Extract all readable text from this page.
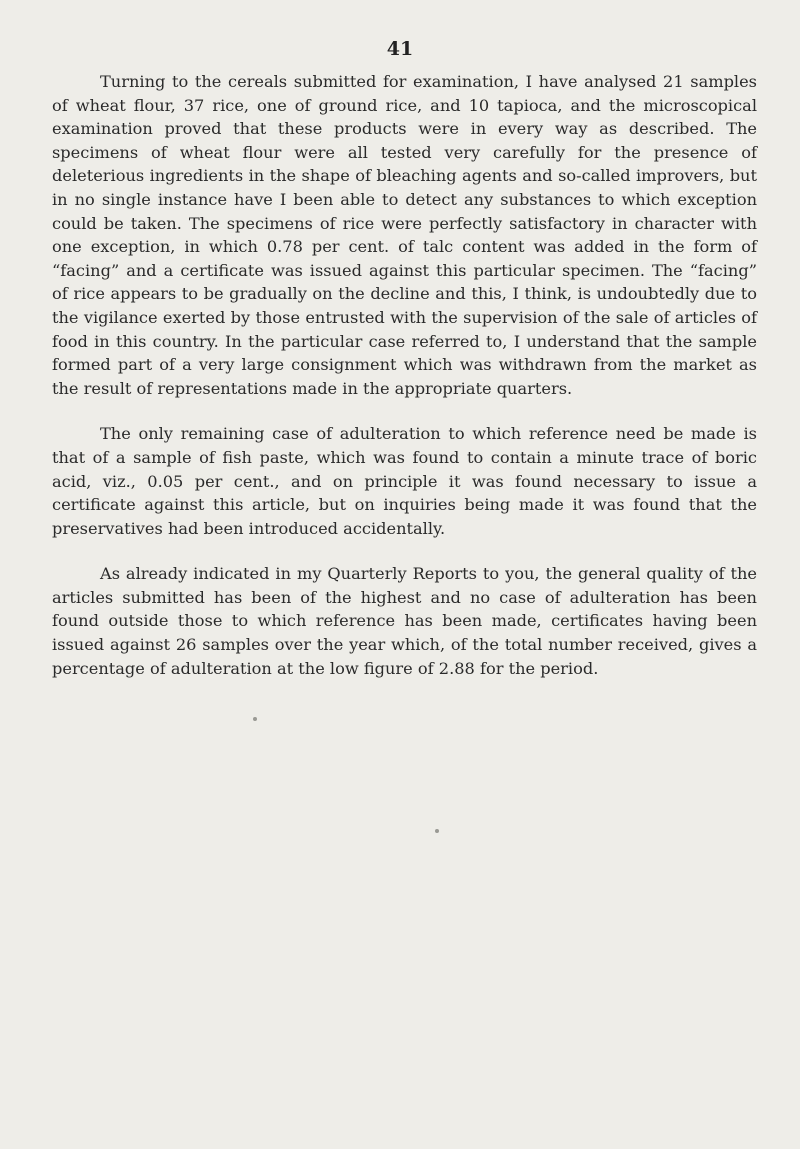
41

Turning to the cereals submitted for examination, I have analysed 21 samples of wheat flour, 37 rice, one of ground rice, and 10 tapioca, and the microscopical examination proved that these products were in every way as described. The specimens of wheat flour were all tested very carefully for the presence of deleterious ingredients in the shape of bleaching agents and so-called improvers, but in no single instance have I been able to detect any substances to which exception could be taken. The specimens of rice were perfectly satisfactory in character with one exception, in which 0.78 per cent. of talc content was added in the form of “facing” and a certificate was issued against this particular specimen. The “facing” of rice appears to be gradually on the decline and this, I think, is undoubtedly due to the vigilance exerted by those entrusted with the supervision of the sale of articles of food in this country. In the particular case referred to, I understand that the sample formed part of a very large consignment which was withdrawn from the market as the result of representations made in the appropriate quarters.

The only remaining case of adulteration to which reference need be made is that of a sample of fish paste, which was found to contain a minute trace of boric acid, viz., 0.05 per cent., and on principle it was found necessary to issue a certificate against this article, but on inquiries being made it was found that the preservatives had been introduced accidentally.

As already indicated in my Quarterly Reports to you, the general quality of the articles submitted has been of the highest and no case of adulteration has been found outside those to which reference has been made, certificates having been issued against 26 samples over the year which, of the total number received, gives a percentage of adulteration at the low figure of 2.88 for the period.
